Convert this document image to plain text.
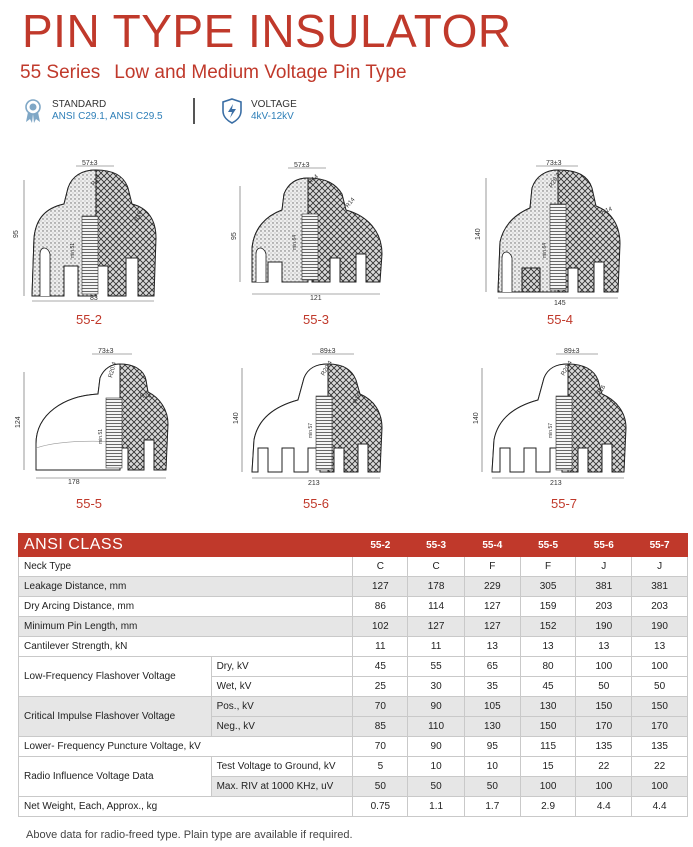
PIN TYPE INSULATOR
55 Series Low and Medium Voltage Pin Type
STANDARD
ANSI C29.1, ANSI C29.5
VOLTAGE
4kV-12kV
95
57±3
R16
R16
min.51
83
55-2
95
57±3
R14
R14
min.64
121
55-3
140
73±3
R20.4
R14
min.64
145
55-4
124
73±3
R20.4
R14
min.51
178
55-5
140
89±3
R20.4
R16
min.57
213
55-6
140
89±3
R20.4
R16
min.57
213
55-7
ANSI CLASS		55-2	55-3	55-4	55-5	55-6	55-7
Neck Type		C	C	F	F	J	J
Leakage Distance, mm		127	178	229	305	381	381
Dry Arcing Distance, mm		86	114	127	159	203	203
Minimum Pin Length, mm		102	127	127	152	190	190
Cantilever Strength, kN		11	11	13	13	13	13
Low-Frequency Flashover Voltage	Dry, kV	45	55	65	80	100	100
	Wet, kV	25	30	35	45	50	50
Critical Impulse Flashover Voltage	Pos., kV	70	90	105	130	150	150
	Neg., kV	85	110	130	150	170	170
Lower- Frequency Puncture Voltage, kV		70	90	95	115	135	135
Radio Influence Voltage Data	Test Voltage to Ground, kV	5	10	10	15	22	22
	Max. RIV at 1000 KHz, uV	50	50	50	100	100	100
Net Weight, Each, Approx., kg		0.75	1.1	1.7	2.9	4.4	4.4
Above data for radio-freed type. Plain type are available if required.
